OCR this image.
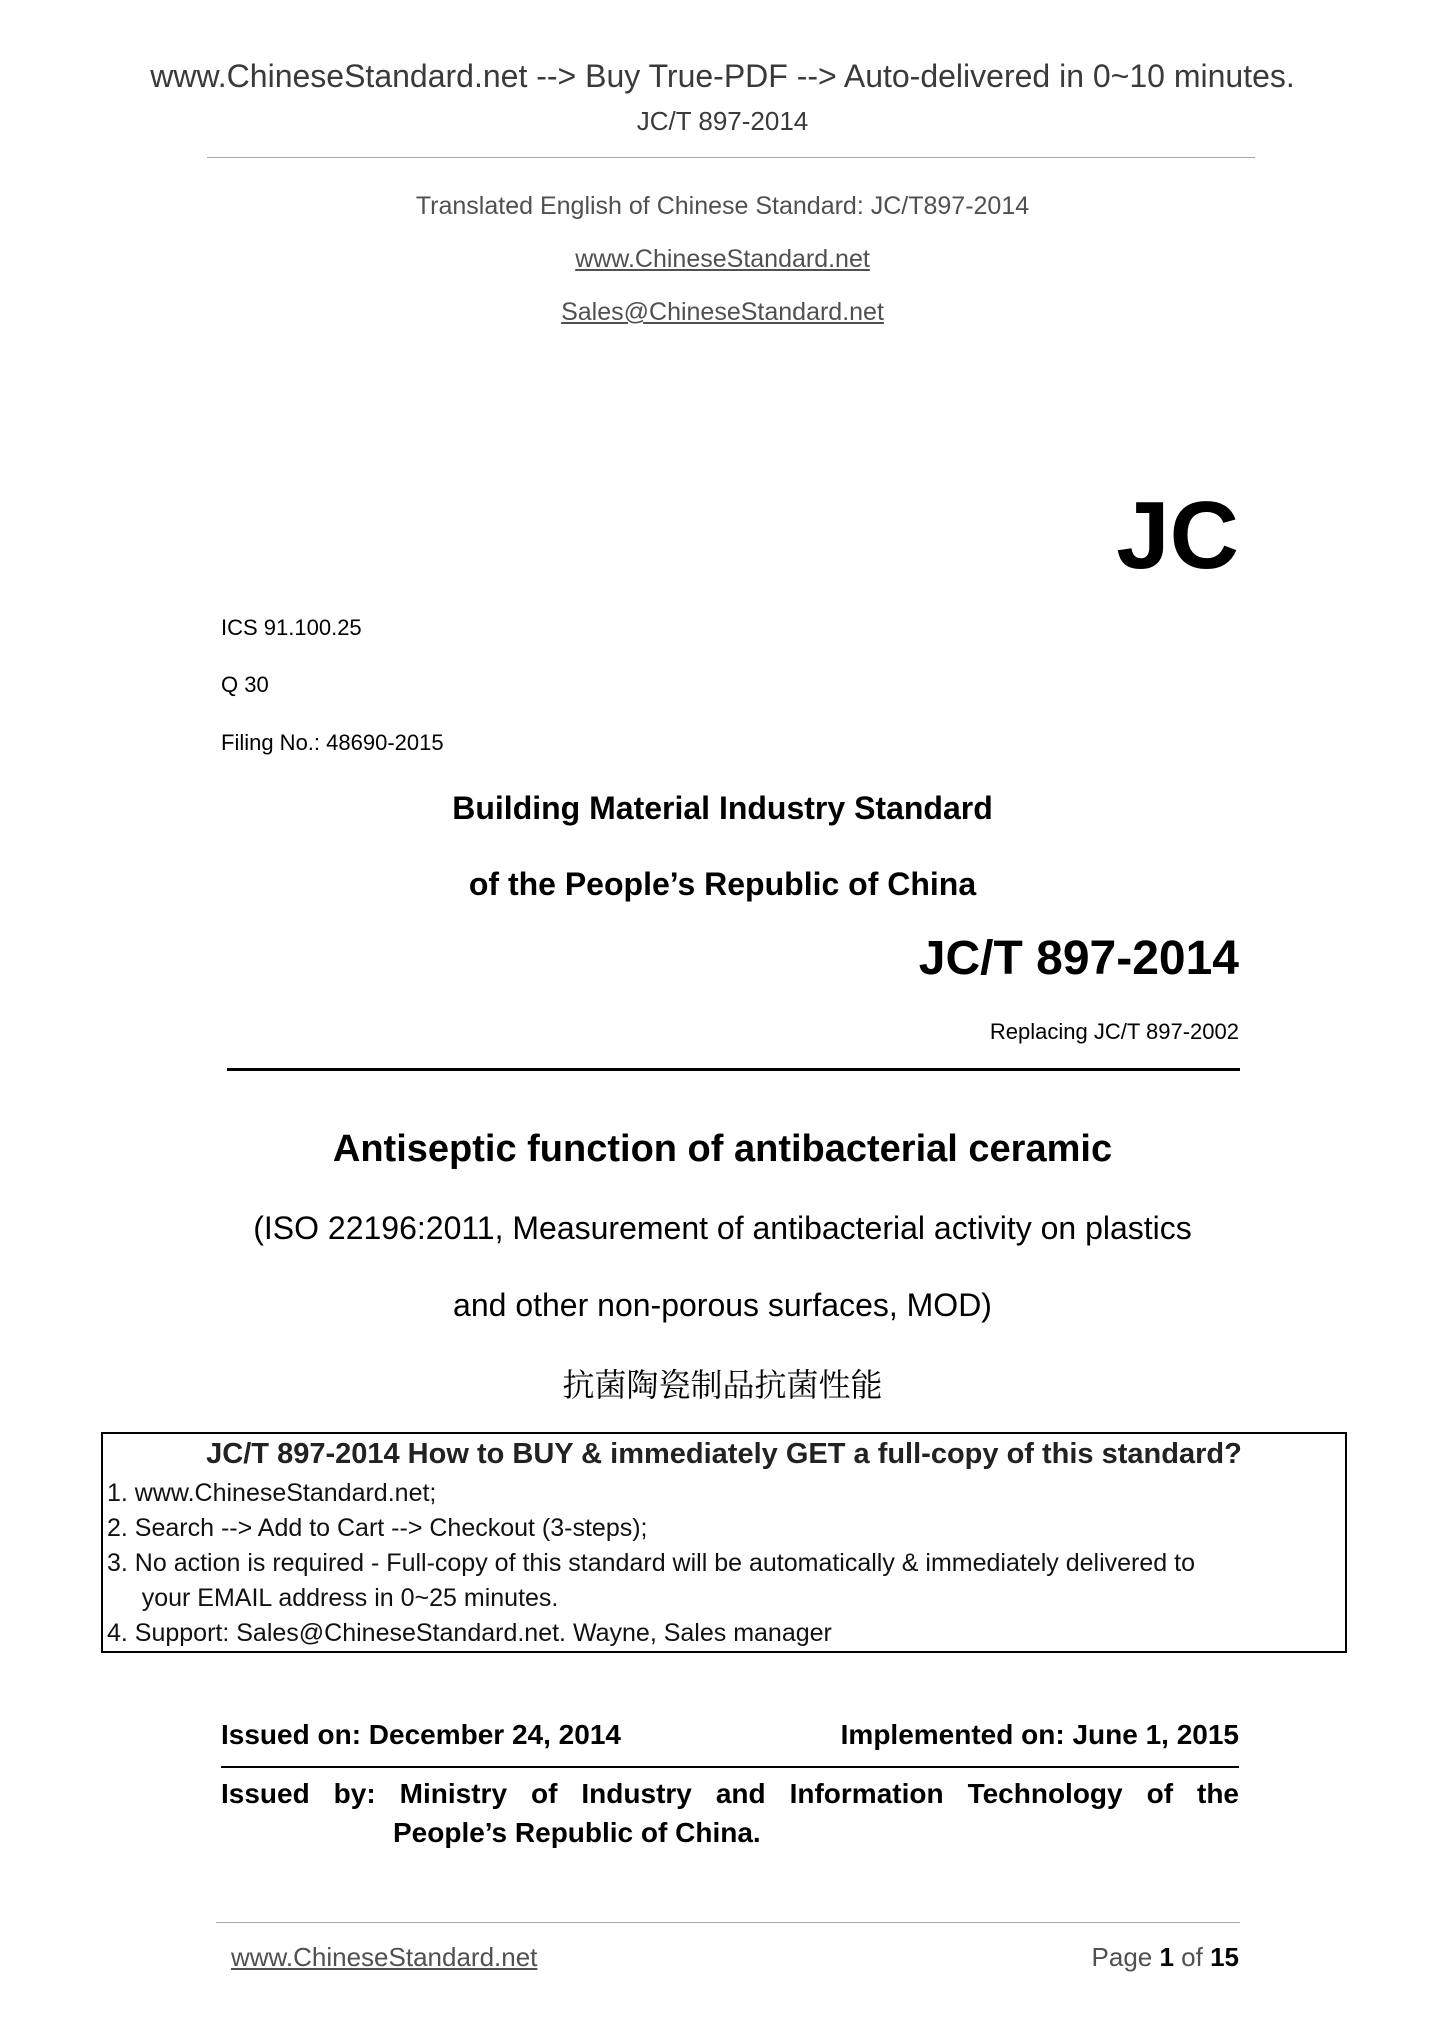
www.ChineseStandard.net --> Buy True-PDF --> Auto-delivered in 0~10 minutes.
JC/T 897-2014
Translated English of Chinese Standard: JC/T897-2014
www.ChineseStandard.net
Sales@ChineseStandard.net
JC
ICS 91.100.25
Q 30
Filing No.: 48690-2015
Building Material Industry Standard
of the People’s Republic of China
JC/T 897-2014
Replacing JC/T 897-2002
Antiseptic function of antibacterial ceramic
(ISO 22196:2011, Measurement of antibacterial activity on plastics
and other non-porous surfaces, MOD)
抗菌陶瓷制品抗菌性能
JC/T 897-2014 How to BUY & immediately GET a full-copy of this standard?
1. www.ChineseStandard.net;
2. Search --> Add to Cart --> Checkout (3-steps);
3. No action is required - Full-copy of this standard will be automatically & immediately delivered to
your EMAIL address in 0~25 minutes.
4. Support: Sales@ChineseStandard.net. Wayne, Sales manager
Issued on: December 24, 2014	Implemented on: June 1, 2015
Issued by: Ministry of Industry and Information Technology of the
People’s Republic of China.
www.ChineseStandard.net	Page 1 of 15
